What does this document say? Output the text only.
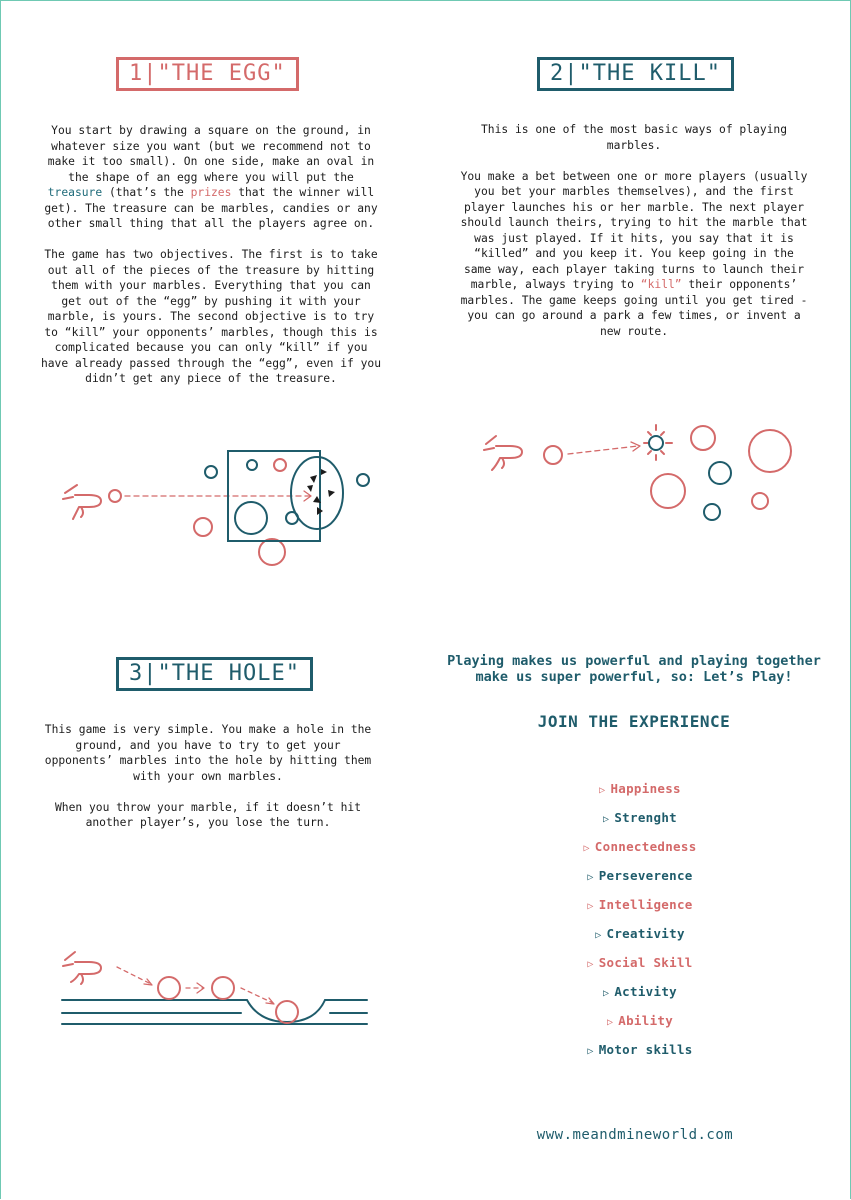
1|"THE EGG"

You start by drawing a square on the ground, in whatever size you want (but we recommend not to make it too small). On one side, make an oval in the shape of an egg where you will put the treasure (that’s the prizes that the winner will get). The treasure can be marbles, candies or any other small thing that all the players agree on.

The game has two objectives. The first is to take out all of the pieces of the treasure by hitting them with your marbles. Everything that you can get out of the “egg” by pushing it with your marble, is yours. The second objective is to try to “kill” your opponents’ marbles, though this is complicated because you can only “kill” if you have already passed through the “egg”, even if you didn’t get any piece of the treasure.

2|"THE KILL"

This is one of the most basic ways of playing marbles.

You make a bet between one or more players (usually you bet your marbles themselves), and the first player launches his or her marble. The next player should launch theirs, trying to hit the marble that was just played. If it hits, you say that it is “killed” and you keep it. You keep going in the same way, each player taking turns to launch their marble, always trying to “kill” their opponents’ marbles. The game keeps going until you get tired - you can go around a park a few times, or invent a new route.

3|"THE HOLE"

This game is very simple. You make a hole in the ground, and you have to try to get your opponents’ marbles into the hole by hitting them with your own marbles.

When you throw your marble, if it doesn’t hit another player’s, you lose the turn.

Playing makes us powerful and playing together make us super powerful, so: Let’s Play!
JOIN THE EXPERIENCE
▷ Happiness
▷ Strenght
▷ Connectedness
▷ Perseverence
▷ Intelligence
▷ Creativity
▷ Social Skill
▷ Activity
▷ Ability
▷ Motor skills
www.meandmineworld.com
